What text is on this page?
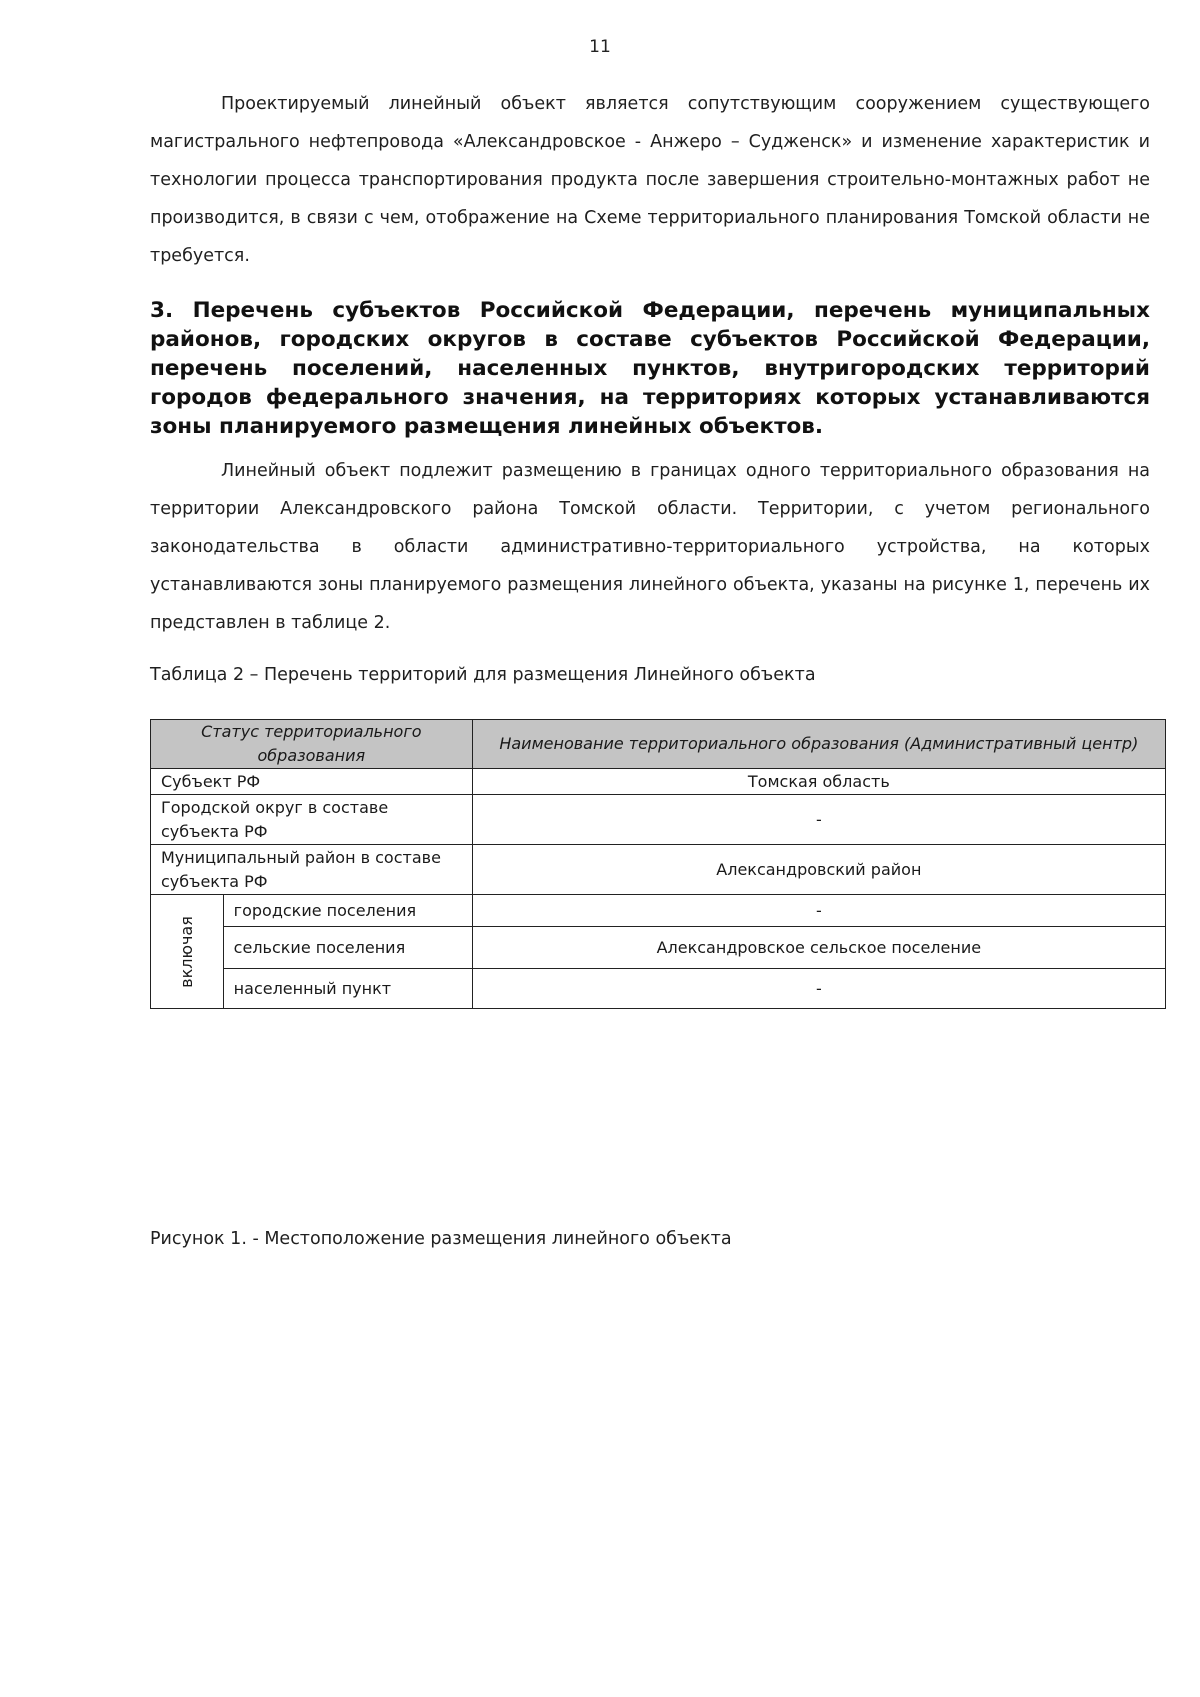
11

Проектируемый линейный объект является сопутствующим сооружением существующего магистрального нефтепровода «Александровское - Анжеро – Судженск» и изменение характеристик и технологии процесса транспортирования продукта после завершения строительно-монтажных работ не производится, в связи с чем, отображение на Схеме территориального планирования Томской области не требуется.

3. Перечень субъектов Российской Федерации, перечень муниципальных районов, городских округов в составе субъектов Российской Федерации, перечень поселений, населенных пунктов, внутригородских территорий городов федерального значения, на территориях которых устанавливаются зоны планируемого размещения линейных объектов.

Линейный объект подлежит размещению в границах одного территориального образования на территории Александровского района Томской области. Территории, с учетом регионального законодательства в области административно-территориального устройства, на которых устанавливаются зоны планируемого размещения линейного объекта, указаны на рисунке 1, перечень их представлен в таблице 2.

Таблица 2 – Перечень территорий для размещения Линейного объекта

Статус территориального образования		Наименование территориального образования (Административный центр)
Субъект РФ		Томская область
Городской округ в составе субъекта РФ		-
Муниципальный район в составе субъекта РФ		Александровский район
включая	городские поселения	-
	сельские поселения	Александровское сельское поселение
	населенный пункт	-

Рисунок 1. - Местоположение размещения линейного объекта
